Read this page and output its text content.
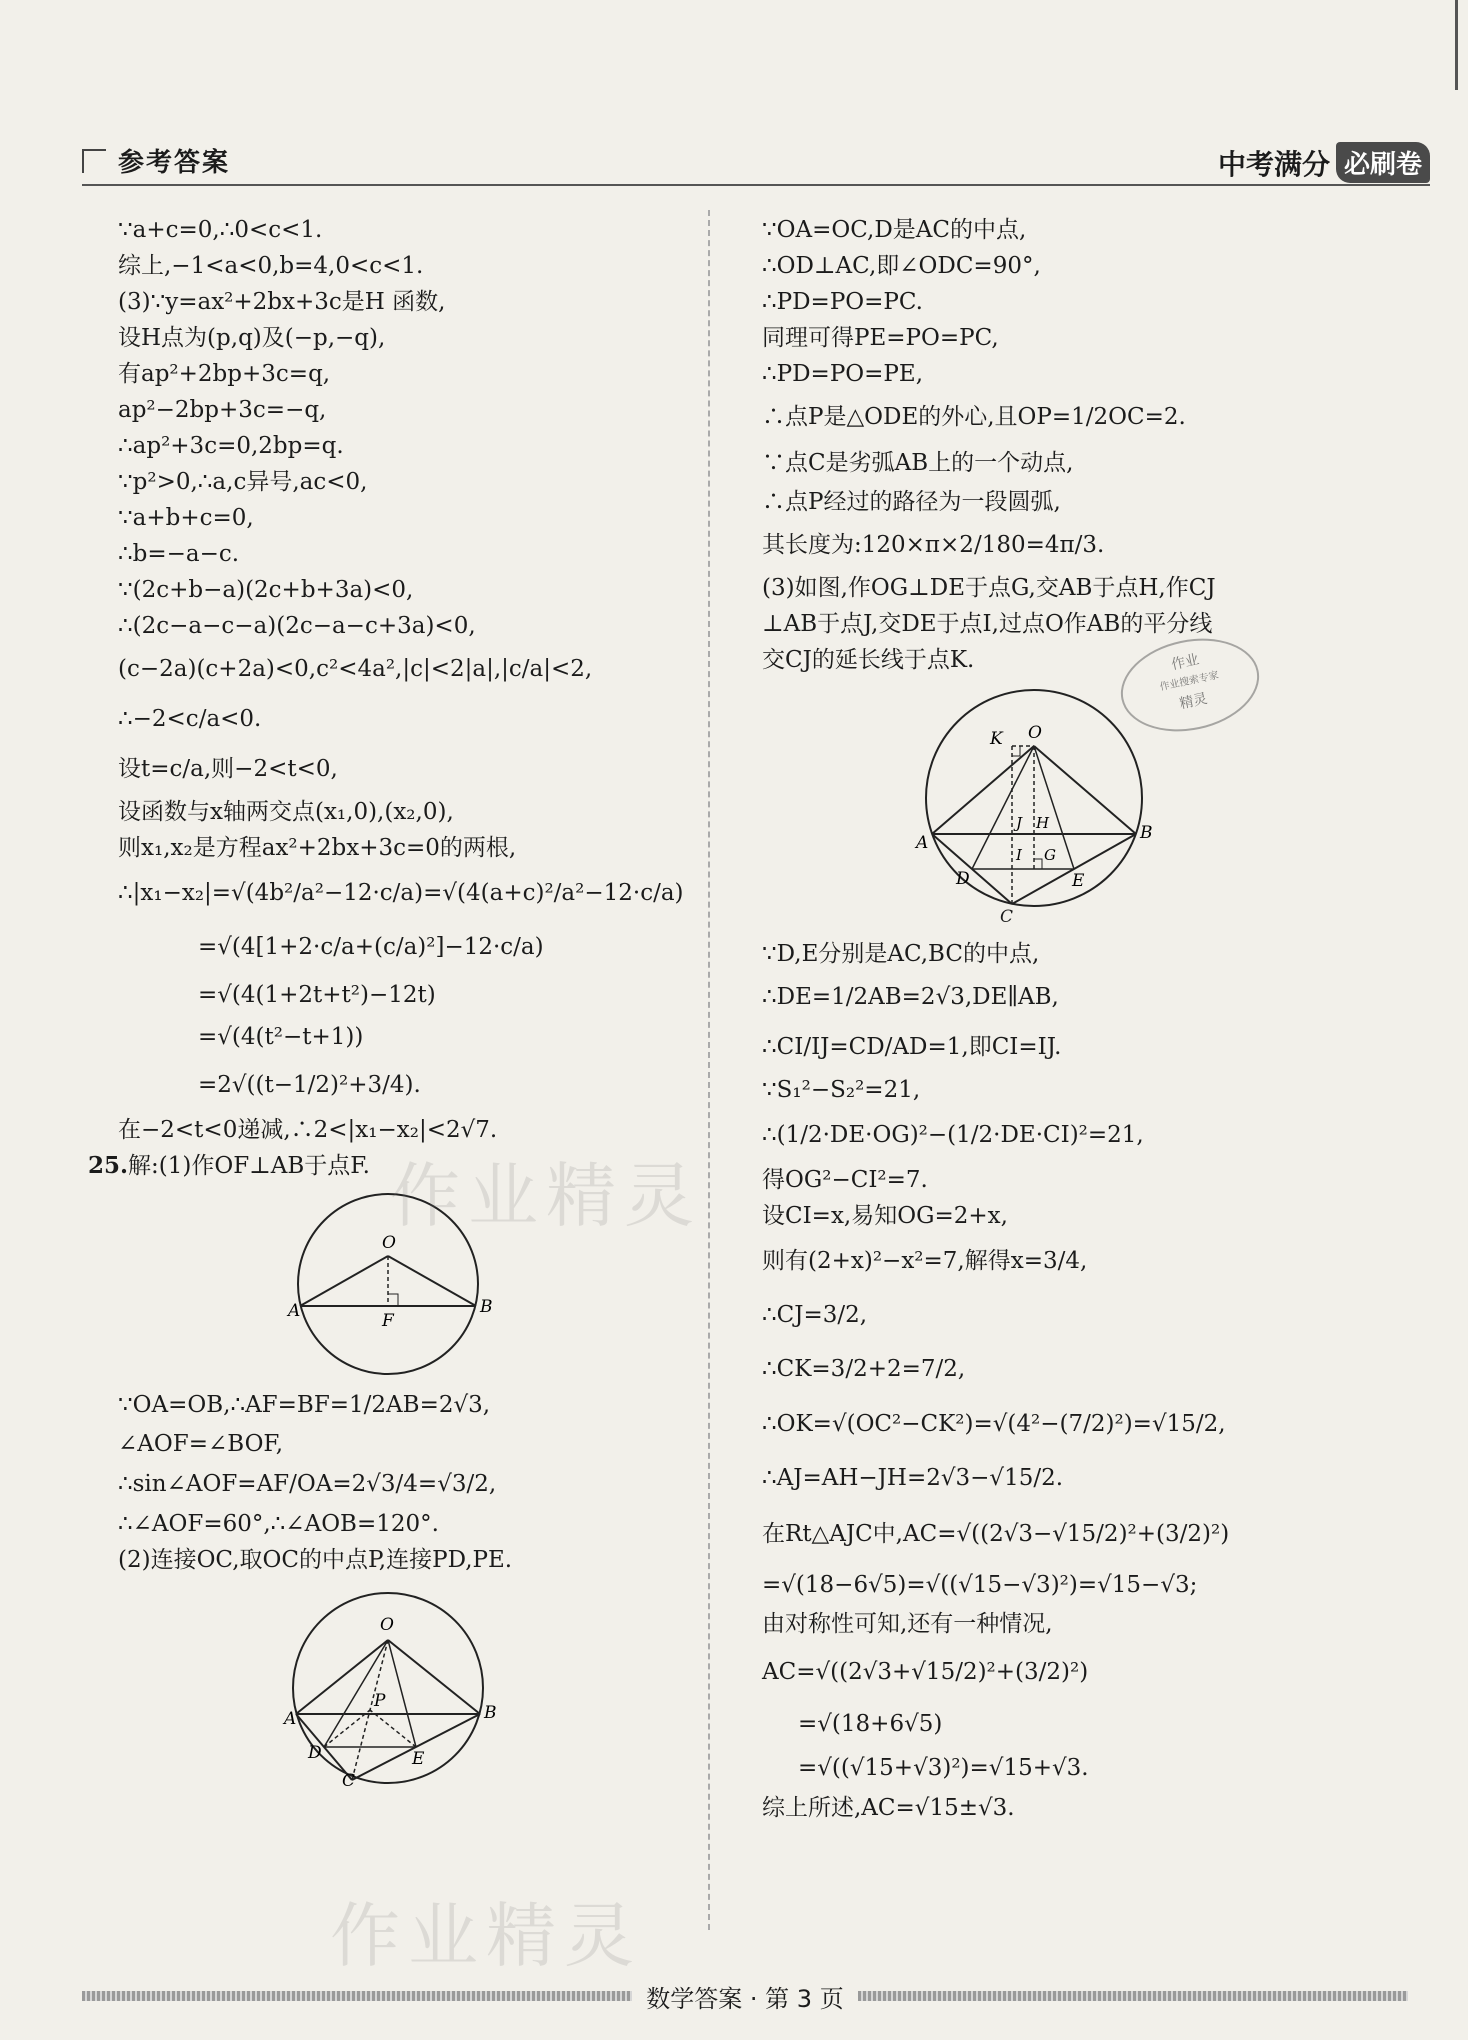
参考答案	中考满分 必刷卷
∵a+c=0,∴0<c<1.
综上,−1<a<0,b=4,0<c<1.
(3)∵y=ax²+2bx+3c是H 函数,
设H点为(p,q)及(−p,−q),
有ap²+2bp+3c=q,
ap²−2bp+3c=−q,
∴ap²+3c=0,2bp=q.
∵p²>0,∴a,c异号,ac<0,
∵a+b+c=0,
∴b=−a−c.
∵(2c+b−a)(2c+b+3a)<0,
∴(2c−a−c−a)(2c−a−c+3a)<0,
(c−2a)(c+2a)<0,c²<4a²,|c|<2|a|,|c/a|<2,
∴−2<c/a<0.
设t=c/a,则−2<t<0,
设函数与x轴两交点(x₁,0),(x₂,0),
则x₁,x₂是方程ax²+2bx+3c=0的两根,
∴|x₁−x₂|=√(4b²/a²−12·c/a)=√(4(a+c)²/a²−12·c/a)
=√(4[1+2·c/a+(c/a)²]−12·c/a)
=√(4(1+2t+t²)−12t)
=√(4(t²−t+1))
=2√((t−1/2)²+3/4).
在−2<t<0递减,∴2<|x₁−x₂|<2√7.
25.解:(1)作OF⊥AB于点F.
O
A	B
F
∵OA=OB,∴AF=BF=1/2AB=2√3,
∠AOF=∠BOF,
∴sin∠AOF=AF/OA=2√3/4=√3/2,
∴∠AOF=60°,∴∠AOB=120°.
(2)连接OC,取OC的中点P,连接PD,PE.
O
P
A	B
D	E
C
∵OA=OC,D是AC的中点,
∴OD⊥AC,即∠ODC=90°,
∴PD=PO=PC.
同理可得PE=PO=PC,
∴PD=PO=PE,
∴点P是△ODE的外心,且OP=1/2OC=2.
∵点C是劣弧AB上的一个动点,
∴点P经过的路径为一段圆弧,
其长度为:120×π×2/180=4π/3.
(3)如图,作OG⊥DE于点G,交AB于点H,作CJ
⊥AB于点J,交DE于点I,过点O作AB的平分线
交CJ的延长线于点K.
K O
A	B
J H
I G
D	E
C
∵D,E分别是AC,BC的中点,
∴DE=1/2AB=2√3,DE∥AB,
∴CI/IJ=CD/AD=1,即CI=IJ.
∵S₁²−S₂²=21,
∴(1/2·DE·OG)²−(1/2·DE·CI)²=21,
得OG²−CI²=7.
设CI=x,易知OG=2+x,
则有(2+x)²−x²=7,解得x=3/4,
∴CJ=3/2,
∴CK=3/2+2=7/2,
∴OK=√(OC²−CK²)=√(4²−(7/2)²)=√15/2,
∴AJ=AH−JH=2√3−√15/2.
在Rt△AJC中,AC=√((2√3−√15/2)²+(3/2)²)
=√(18−6√5)=√((√15−√3)²)=√15−√3;
由对称性可知,还有一种情况,
AC=√((2√3+√15/2)²+(3/2)²)
=√(18+6√5)
=√((√15+√3)²)=√15+√3.
综上所述,AC=√15±√3.
作业
作业搜索专家
精灵
作业精灵
作业精灵
数学答案 · 第 3 页
